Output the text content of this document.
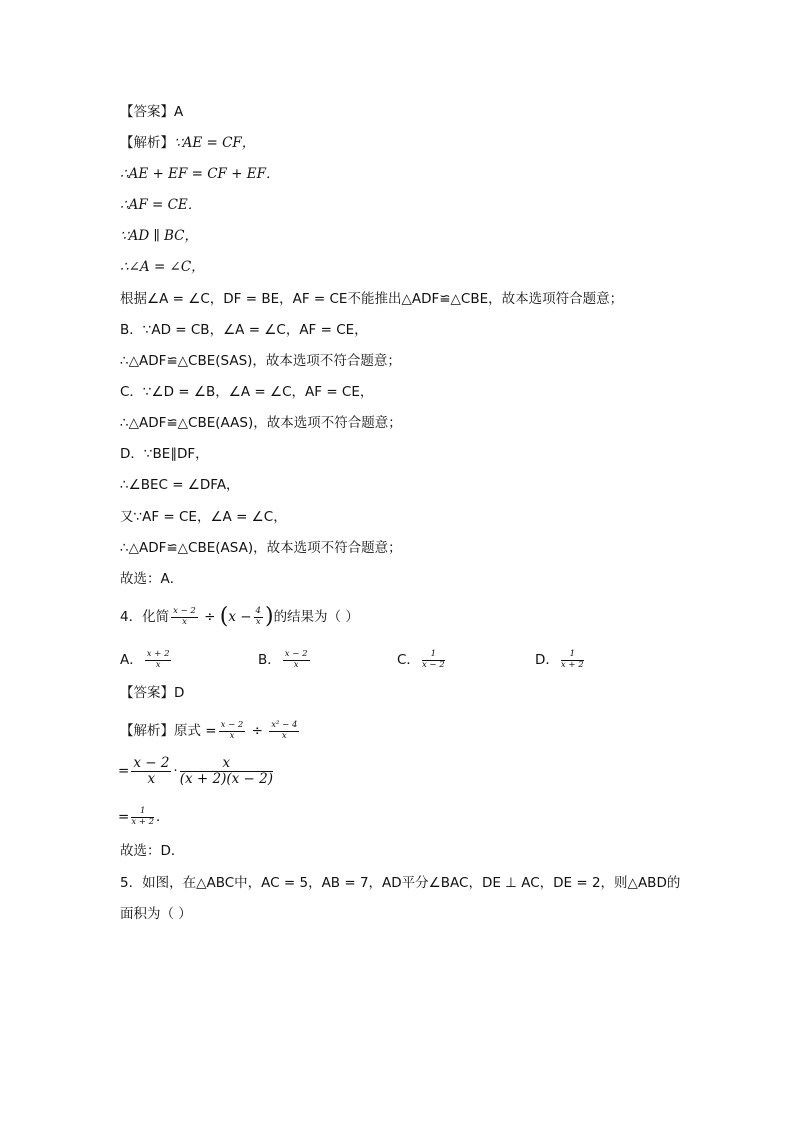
【答案】A
【解析】∵AE = CF，
∴AE + EF = CF + EF．
∴AF = CE．
∵AD ∥ BC，
∴∠A = ∠C，
根据∠A = ∠C，DF = BE，AF = CE不能推出△ADF≌△CBE，故本选项符合题意；
B．∵AD = CB，∠A = ∠C，AF = CE，
∴△ADF≌△CBE(SAS)，故本选项不符合题意；
C．∵∠D = ∠B，∠A = ∠C，AF = CE，
∴△ADF≌△CBE(AAS)，故本选项不符合题意；
D．∵BE∥DF，
∴∠BEC = ∠DFA，
又∵AF = CE，∠A = ∠C，
∴△ADF≌△CBE(ASA)，故本选项不符合题意；
故选：A．
4．化简 $\frac{x - 2}{x} \div (x - \frac{4}{x}$ )的结果为（ ）
A． $\frac{x + 2}{x}$	B． $\frac{x - 2}{x}$	C． $\frac{1}{x - 2}$	D． $\frac{1}{x + 2}$
【答案】D
【解析】原式 = $\frac{x - 2}{x} \div \frac{\text{x² − 4}}{x}$
= $\frac{x - 2}{x} \cdot \frac{x}{(x + 2)(x - 2)}$
= $\frac{1}{x + 2}$ ．
故选：D．
5．如图，在△ABC中，AC = 5，AB = 7，AD平分∠BAC，DE ⊥ AC，DE = 2，则△ABD的
面积为（ ）
